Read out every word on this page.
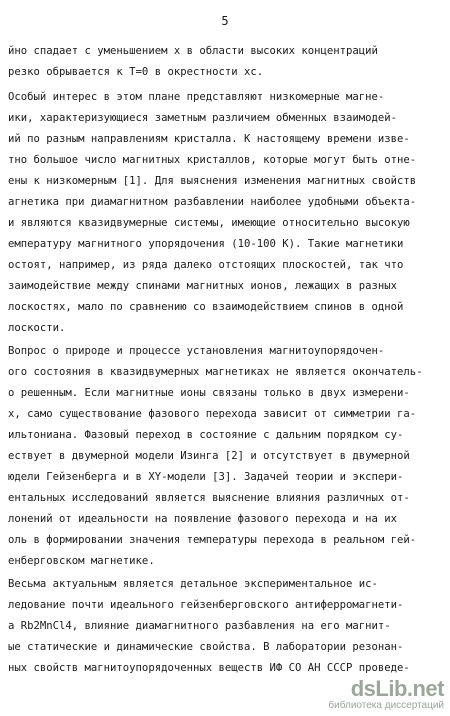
5
йно спадает с уменьшением x в области высоких концентраций
резко обрывается к T=0 в окрестности xc.
Особый интерес в этом плане представляют низкомерные магне-
ики, характеризующиеся заметным различием обменных взаимодей-
ий по разным направлениям кристалла. К настоящему времени изве-
тно большое число магнитных кристаллов, которые могут быть отне-
ены к низкомерным [1]. Для выяснения изменения магнитных свойств
агнетика при диамагнитном разбавлении наиболее удобными объекта-
и являются квазидвумерные системы, имеющие относительно высокую
емпературу магнитного упорядочения (10-100 К). Такие магнетики
остоят, например, из ряда далеко отстоящих плоскостей, так что
заимодействие между спинами магнитных ионов, лежащих в разных
лоскостях, мало по сравнению со взаимодействием спинов в одной
лоскости.
Вопрос о природе и процессе установления магнитоупорядочен-
ого состояния в квазидвумерных магнетиках не является окончатель-
о решенным. Если магнитные ионы связаны только в двух измерени-
х, само существование фазового перехода зависит от симметрии га-
ильтониана. Фазовый переход в состояние с дальним порядком су-
ествует в двумерной модели Изинга [2] и отсутствует в двумерной
юдели Гейзенберга и в XY-модели [3]. Задачей теории и экспери-
ентальных исследований является выяснение влияния различных от-
лонений от идеальности на появление фазового перехода и на их
оль в формировании значения температуры перехода в реальном гей-
енберговском магнетике.
Весьма актуальным является детальное экспериментальное ис-
ледование почти идеального гейзенберговского антиферромагнети-
а Rb2MnCl4, влияние диамагнитного разбавления на его магнит-
ые статические и динамические свойства. В лаборатории резонан-
ных свойств магнитоупорядоченных веществ ИФ СО АН СССР проведе-
dsLib.net
библиотека диссертаций
